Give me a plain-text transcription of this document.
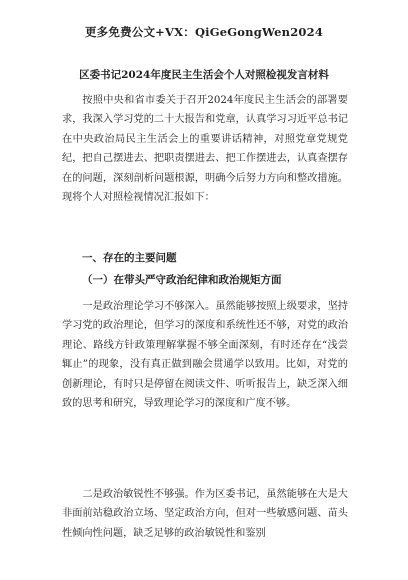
更多免费公文+VX：QiGeGongWen2024
区委书记2024年度民主生活会个人对照检视发言材料

按照中央和省市委关于召开2024年度民主生活会的部署要求，我深入学习党的二十大报告和党章，认真学习习近平总书记在中央政治局民主生活会上的重要讲话精神，对照党章党规党纪，把自己摆进去、把职责摆进去、把工作摆进去，认真查摆存在的问题，深刻剖析问题根源，明确今后努力方向和整改措施。现将个人对照检视情况汇报如下：

一、存在的主要问题
（一）在带头严守政治纪律和政治规矩方面

一是政治理论学习不够深入。虽然能够按照上级要求，坚持学习党的政治理论，但学习的深度和系统性还不够，对党的政治理论、路线方针政策理解掌握不够全面深刻，有时还存在“浅尝辄止”的现象，没有真正做到融会贯通学以致用。比如，对党的创新理论，有时只是停留在阅读文件、听听报告上，缺乏深入细致的思考和研究，导致理论学习的深度和广度不够。

二是政治敏锐性不够强。作为区委书记，虽然能够在大是大非面前站稳政治立场、坚定政治方向，但对一些敏感问题、苗头性倾向性问题，缺乏足够的政治敏锐性和鉴别
